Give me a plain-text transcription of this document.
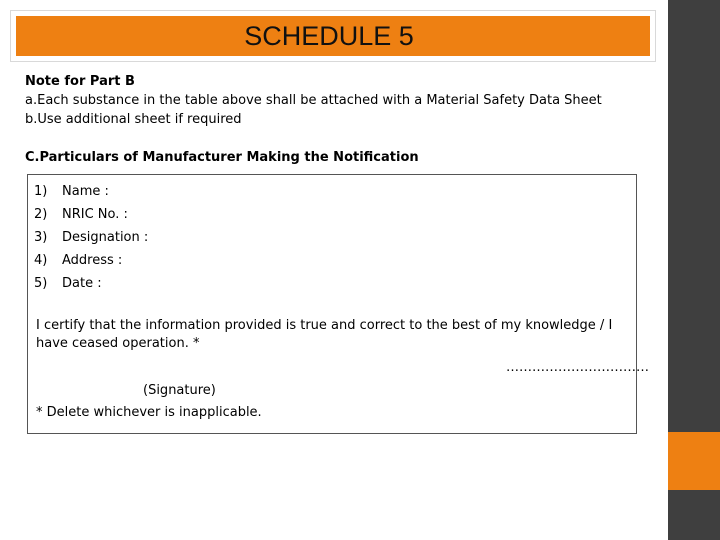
SCHEDULE 5
Note for Part B
a.Each substance in the table above shall be attached with a Material Safety Data Sheet
b.Use additional sheet if required
C.Particulars of Manufacturer Making the Notification
1)	Name :
2)	NRIC No. :
3)	Designation :
4)	Address :
5)	Date :
I certify that the information provided is true and correct to the best of my knowledge / I
have ceased operation. *
……………………………
(Signature)
* Delete whichever is inapplicable.
